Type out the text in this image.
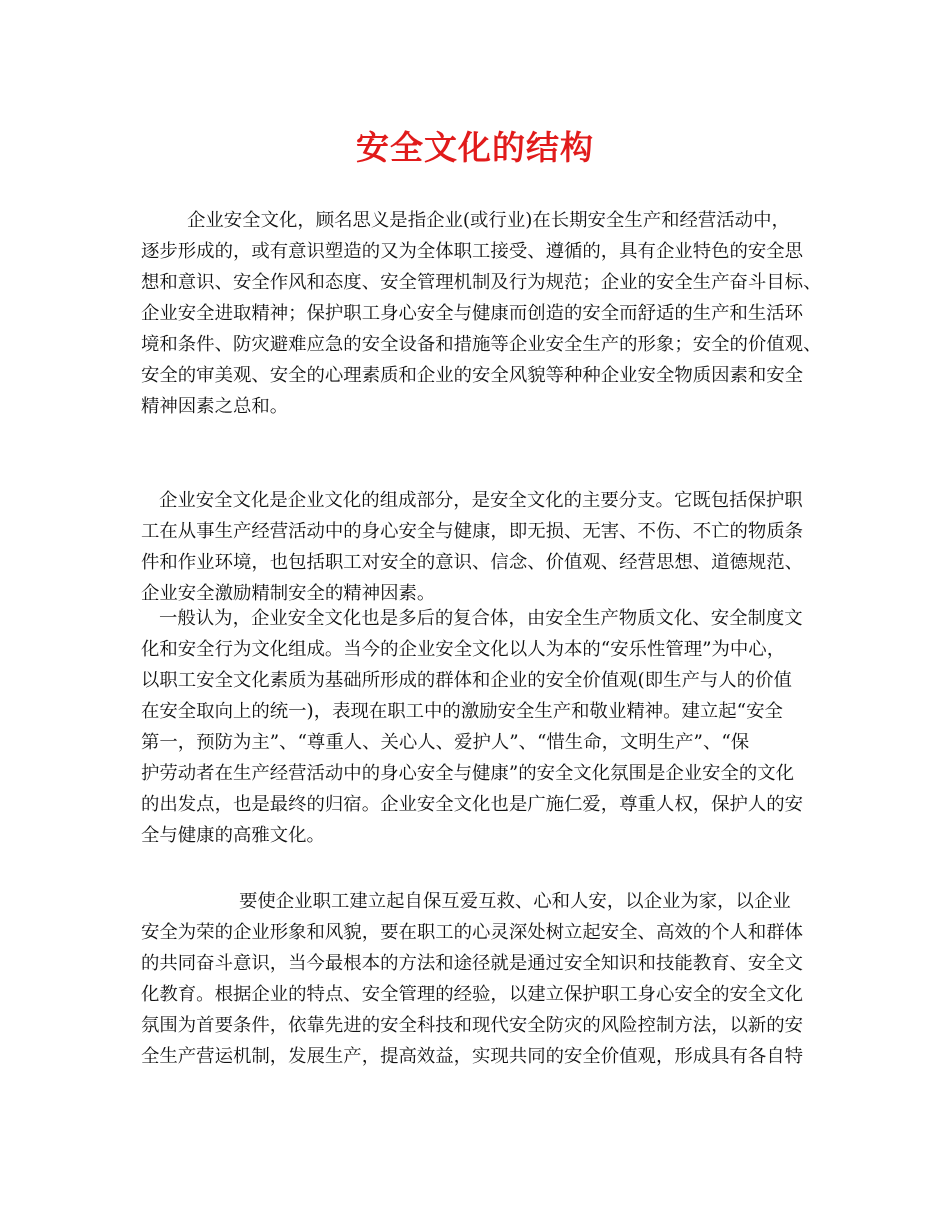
安全文化的结构
企业安全文化，顾名思义是指企业(或行业)在长期安全生产和经营活动中，
逐步形成的，或有意识塑造的又为全体职工接受、遵循的，具有企业特色的安全思
想和意识、安全作风和态度、安全管理机制及行为规范；企业的安全生产奋斗目标、
企业安全进取精神；保护职工身心安全与健康而创造的安全而舒适的生产和生活环
境和条件、防灾避难应急的安全设备和措施等企业安全生产的形象；安全的价值观、
安全的审美观、安全的心理素质和企业的安全风貌等种种企业安全物质因素和安全
精神因素之总和。
企业安全文化是企业文化的组成部分，是安全文化的主要分支。它既包括保护职
工在从事生产经营活动中的身心安全与健康，即无损、无害、不伤、不亡的物质条
件和作业环境，也包括职工对安全的意识、信念、价值观、经营思想、道德规范、
企业安全激励精制安全的精神因素。
一般认为，企业安全文化也是多后的复合体，由安全生产物质文化、安全制度文
化和安全行为文化组成。当今的企业安全文化以人为本的“安乐性管理”为中心，
以职工安全文化素质为基础所形成的群体和企业的安全价值观(即生产与人的价值
在安全取向上的统一)，表现在职工中的激励安全生产和敬业精神。建立起“安全
第一，预防为主”、“尊重人、关心人、爱护人”、“惜生命，文明生产”、“保
护劳动者在生产经营活动中的身心安全与健康”的安全文化氛围是企业安全的文化
的出发点，也是最终的归宿。企业安全文化也是广施仁爱，尊重人权，保护人的安
全与健康的高雅文化。
要使企业职工建立起自保互爱互救、心和人安，以企业为家，以企业
安全为荣的企业形象和风貌，要在职工的心灵深处树立起安全、高效的个人和群体
的共同奋斗意识，当今最根本的方法和途径就是通过安全知识和技能教育、安全文
化教育。根据企业的特点、安全管理的经验，以建立保护职工身心安全的安全文化
氛围为首要条件，依靠先进的安全科技和现代安全防灾的风险控制方法，以新的安
全生产营运机制，发展生产，提高效益，实现共同的安全价值观，形成具有各自特
